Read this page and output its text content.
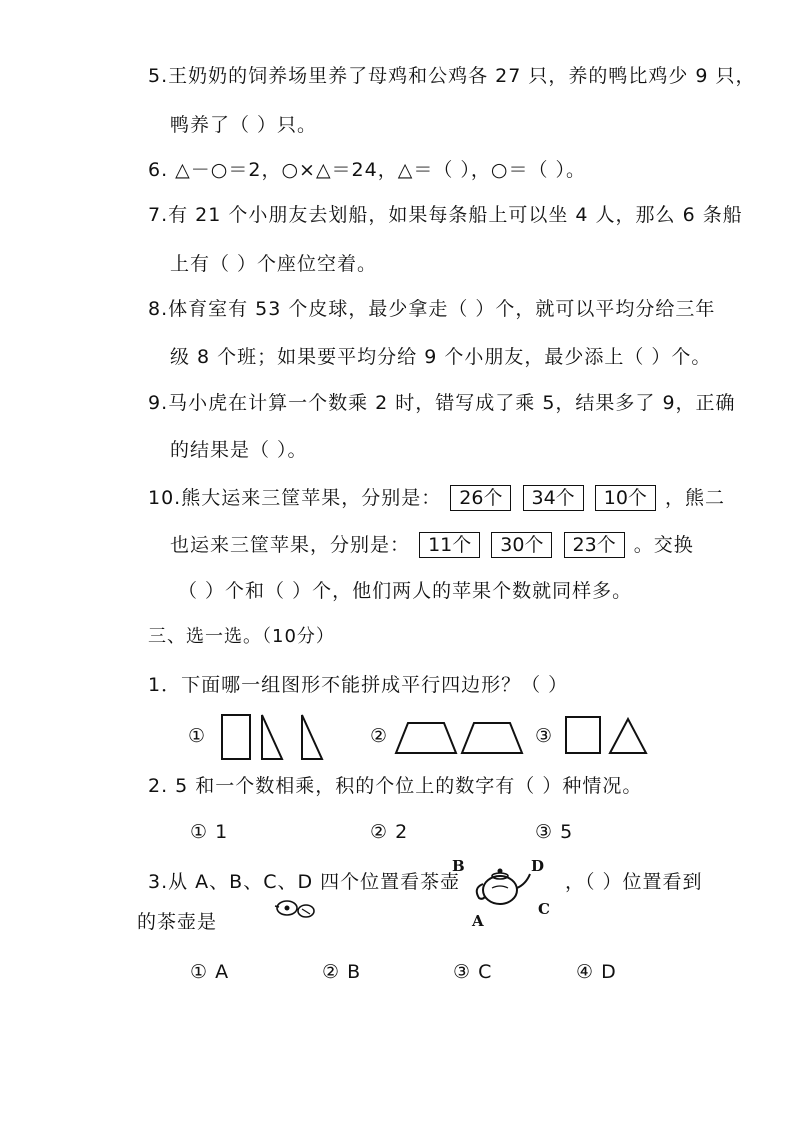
5.王奶奶的饲养场里养了母鸡和公鸡各 27 只，养的鸭比鸡少 9 只，
鸭养了（ ）只。
6. △－○＝2，○×△＝24，△＝（ ），○＝（ ）。
7.有 21 个小朋友去划船，如果每条船上可以坐 4 人，那么 6 条船
上有（ ）个座位空着。
8.体育室有 53 个皮球，最少拿走（ ）个，就可以平均分给三年
级 8 个班；如果要平均分给 9 个小朋友，最少添上（ ）个。
9.马小虎在计算一个数乘 2 时，错写成了乘 5，结果多了 9，正确
的结果是（ ）。
10.熊大运来三筐苹果，分别是： 26个 34个 10个 ，熊二
也运来三筐苹果，分别是： 11个 30个 23个 。交换
（ ）个和（ ）个，他们两人的苹果个数就同样多。
三、选一选。（10分）
1．下面哪一组图形不能拼成平行四边形？（ ）
①	②	③
2. 5 和一个数相乘，积的个位上的数字有（ ）种情况。
① 1	② 2	③ 5
3.从 A、B、C、D 四个位置看茶壶
B	D
A
C
，（ ）位置看到
的茶壶是
① A	② B	③ C	④ D
